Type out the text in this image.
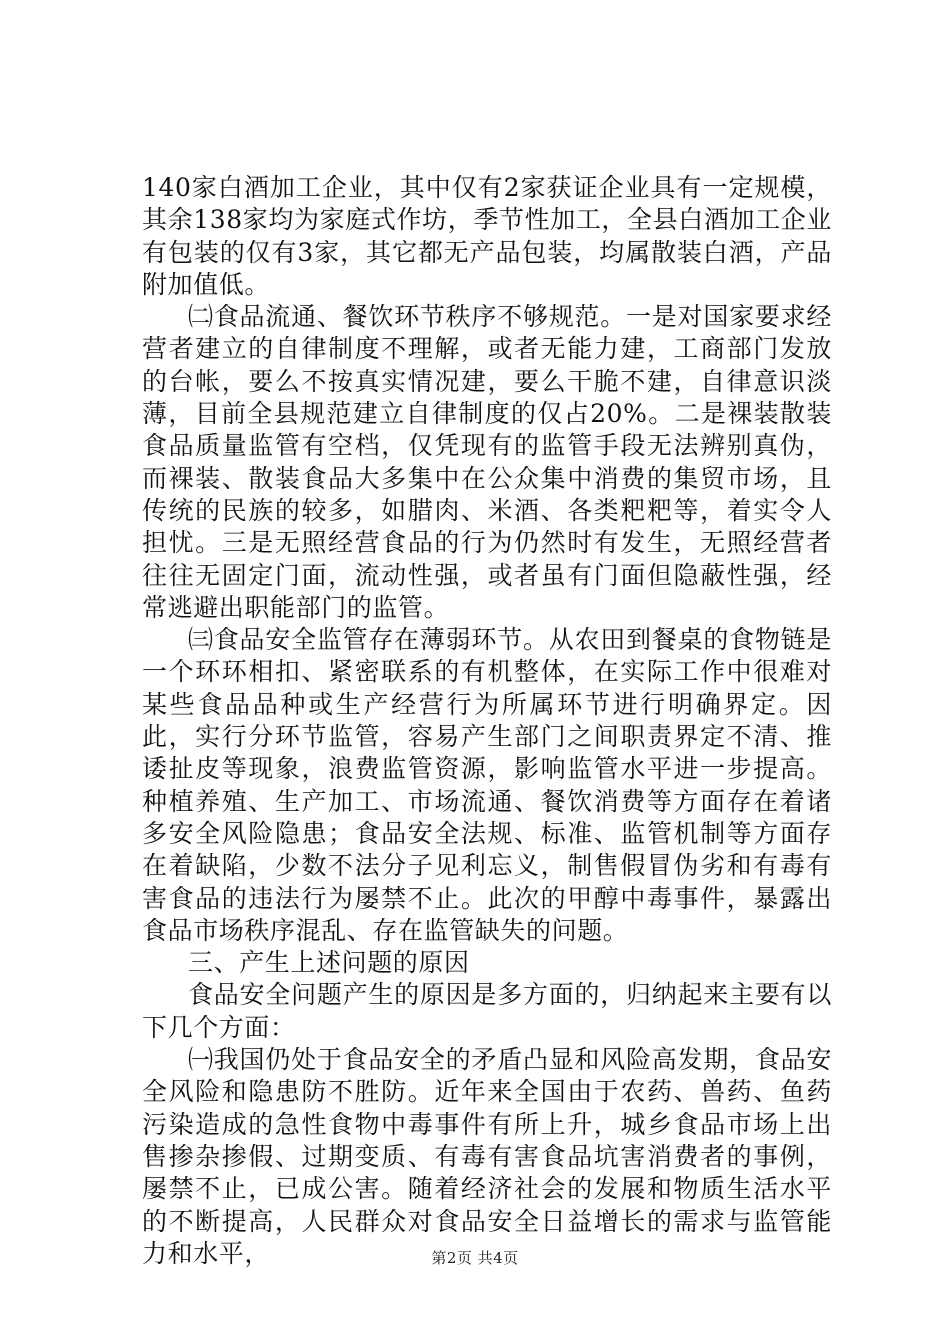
140家白酒加工企业，其中仅有2家获证企业具有一定规模，其余138家均为家庭式作坊，季节性加工，全县白酒加工企业有包装的仅有3家，其它都无产品包装，均属散装白酒，产品附加值低。

㈡食品流通、餐饮环节秩序不够规范。一是对国家要求经营者建立的自律制度不理解，或者无能力建，工商部门发放的台帐，要么不按真实情况建，要么干脆不建，自律意识淡薄，目前全县规范建立自律制度的仅占20%。二是裸装散装食品质量监管有空档，仅凭现有的监管手段无法辨别真伪，而裸装、散装食品大多集中在公众集中消费的集贸市场，且传统的民族的较多，如腊肉、米酒、各类粑粑等，着实令人担忧。三是无照经营食品的行为仍然时有发生，无照经营者往往无固定门面，流动性强，或者虽有门面但隐蔽性强，经常逃避出职能部门的监管。

㈢食品安全监管存在薄弱环节。从农田到餐桌的食物链是一个环环相扣、紧密联系的有机整体，在实际工作中很难对某些食品品种或生产经营行为所属环节进行明确界定。因此，实行分环节监管，容易产生部门之间职责界定不清、推诿扯皮等现象，浪费监管资源，影响监管水平进一步提高。种植养殖、生产加工、市场流通、餐饮消费等方面存在着诸多安全风险隐患；食品安全法规、标准、监管机制等方面存在着缺陷，少数不法分子见利忘义，制售假冒伪劣和有毒有害食品的违法行为屡禁不止。此次的甲醇中毒事件，暴露出食品市场秩序混乱、存在监管缺失的问题。

三、产生上述问题的原因

食品安全问题产生的原因是多方面的，归纳起来主要有以下几个方面：

㈠我国仍处于食品安全的矛盾凸显和风险高发期，食品安全风险和隐患防不胜防。近年来全国由于农药、兽药、鱼药污染造成的急性食物中毒事件有所上升，城乡食品市场上出售掺杂掺假、过期变质、有毒有害食品坑害消费者的事例，屡禁不止，已成公害。随着经济社会的发展和物质生活水平的不断提高，人民群众对食品安全日益增长的需求与监管能力和水平，	第2页 共4页
